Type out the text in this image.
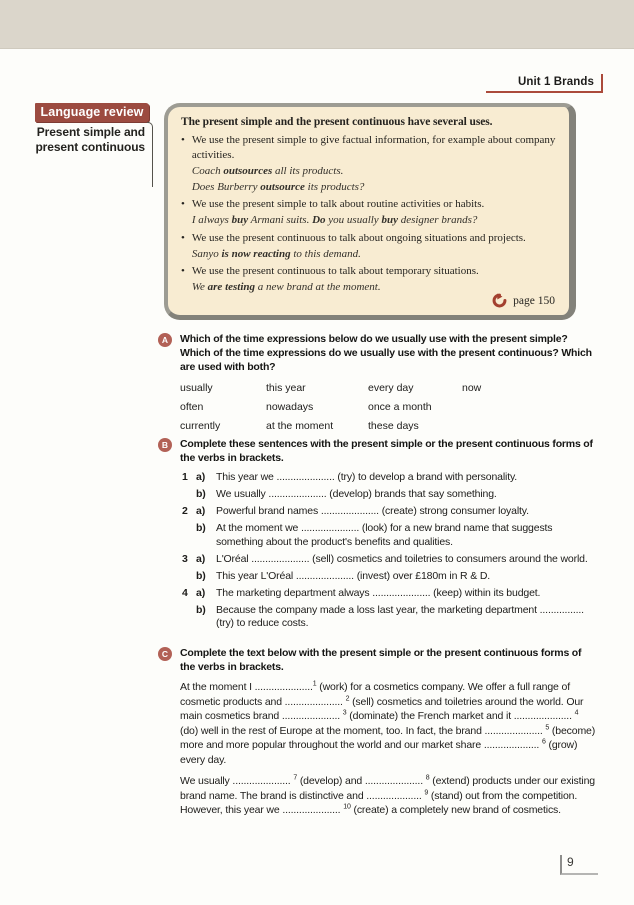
Unit 1 Brands
Language review
Present simple and present continuous
The present simple and the present continuous have several uses.
• We use the present simple to give factual information, for example about company activities.
Coach outsources all its products.
Does Burberry outsource its products?
• We use the present simple to talk about routine activities or habits.
I always buy Armani suits. Do you usually buy designer brands?
• We use the present continuous to talk about ongoing situations and projects.
Sanyo is now reacting to this demand.
• We use the present continuous to talk about temporary situations.
We are testing a new brand at the moment.
page 150
A	Which of the time expressions below do we usually use with the present simple? Which of the time expressions do we usually use with the present continuous? Which are used with both?
usually	this year	every day	now
often	nowadays	once a month
currently	at the moment	these days
B	Complete these sentences with the present simple or the present continuous forms of the verbs in brackets.
1 a)	This year we ..................... (try) to develop a brand with personality.
b) We usually ..................... (develop) brands that say something.
2 a)	Powerful brand names ..................... (create) strong consumer loyalty.
b) At the moment we ..................... (look) for a new brand name that suggests something about the product's benefits and qualities.
3 a)	L'Oréal ..................... (sell) cosmetics and toiletries to consumers around the world.
b) This year L'Oréal ..................... (invest) over £180m in R & D.
4 a)	The marketing department always ..................... (keep) within its budget.
b) Because the company made a loss last year, the marketing department ................ (try) to reduce costs.
C	Complete the text below with the present simple or the present continuous forms of the verbs in brackets.

At the moment I .....................$^1$ (work) for a cosmetics company. We offer a full range of cosmetic products and ..................... $^2$ (sell) cosmetics and toiletries around the world. Our main cosmetics brand ..................... $^3$ (dominate) the French market and it ..................... $^4$ (do) well in the rest of Europe at the moment, too. In fact, the brand ..................... $^5$ (become) more and more popular throughout the world and our market share .................... $^6$ (grow) every day.

We usually ..................... $^7$ (develop) and ..................... $^8$ (extend) products under our existing brand name. The brand is distinctive and .................... $^9$ (stand) out from the competition. However, this year we ..................... $^{10}$ (create) a completely new brand of cosmetics.

9
